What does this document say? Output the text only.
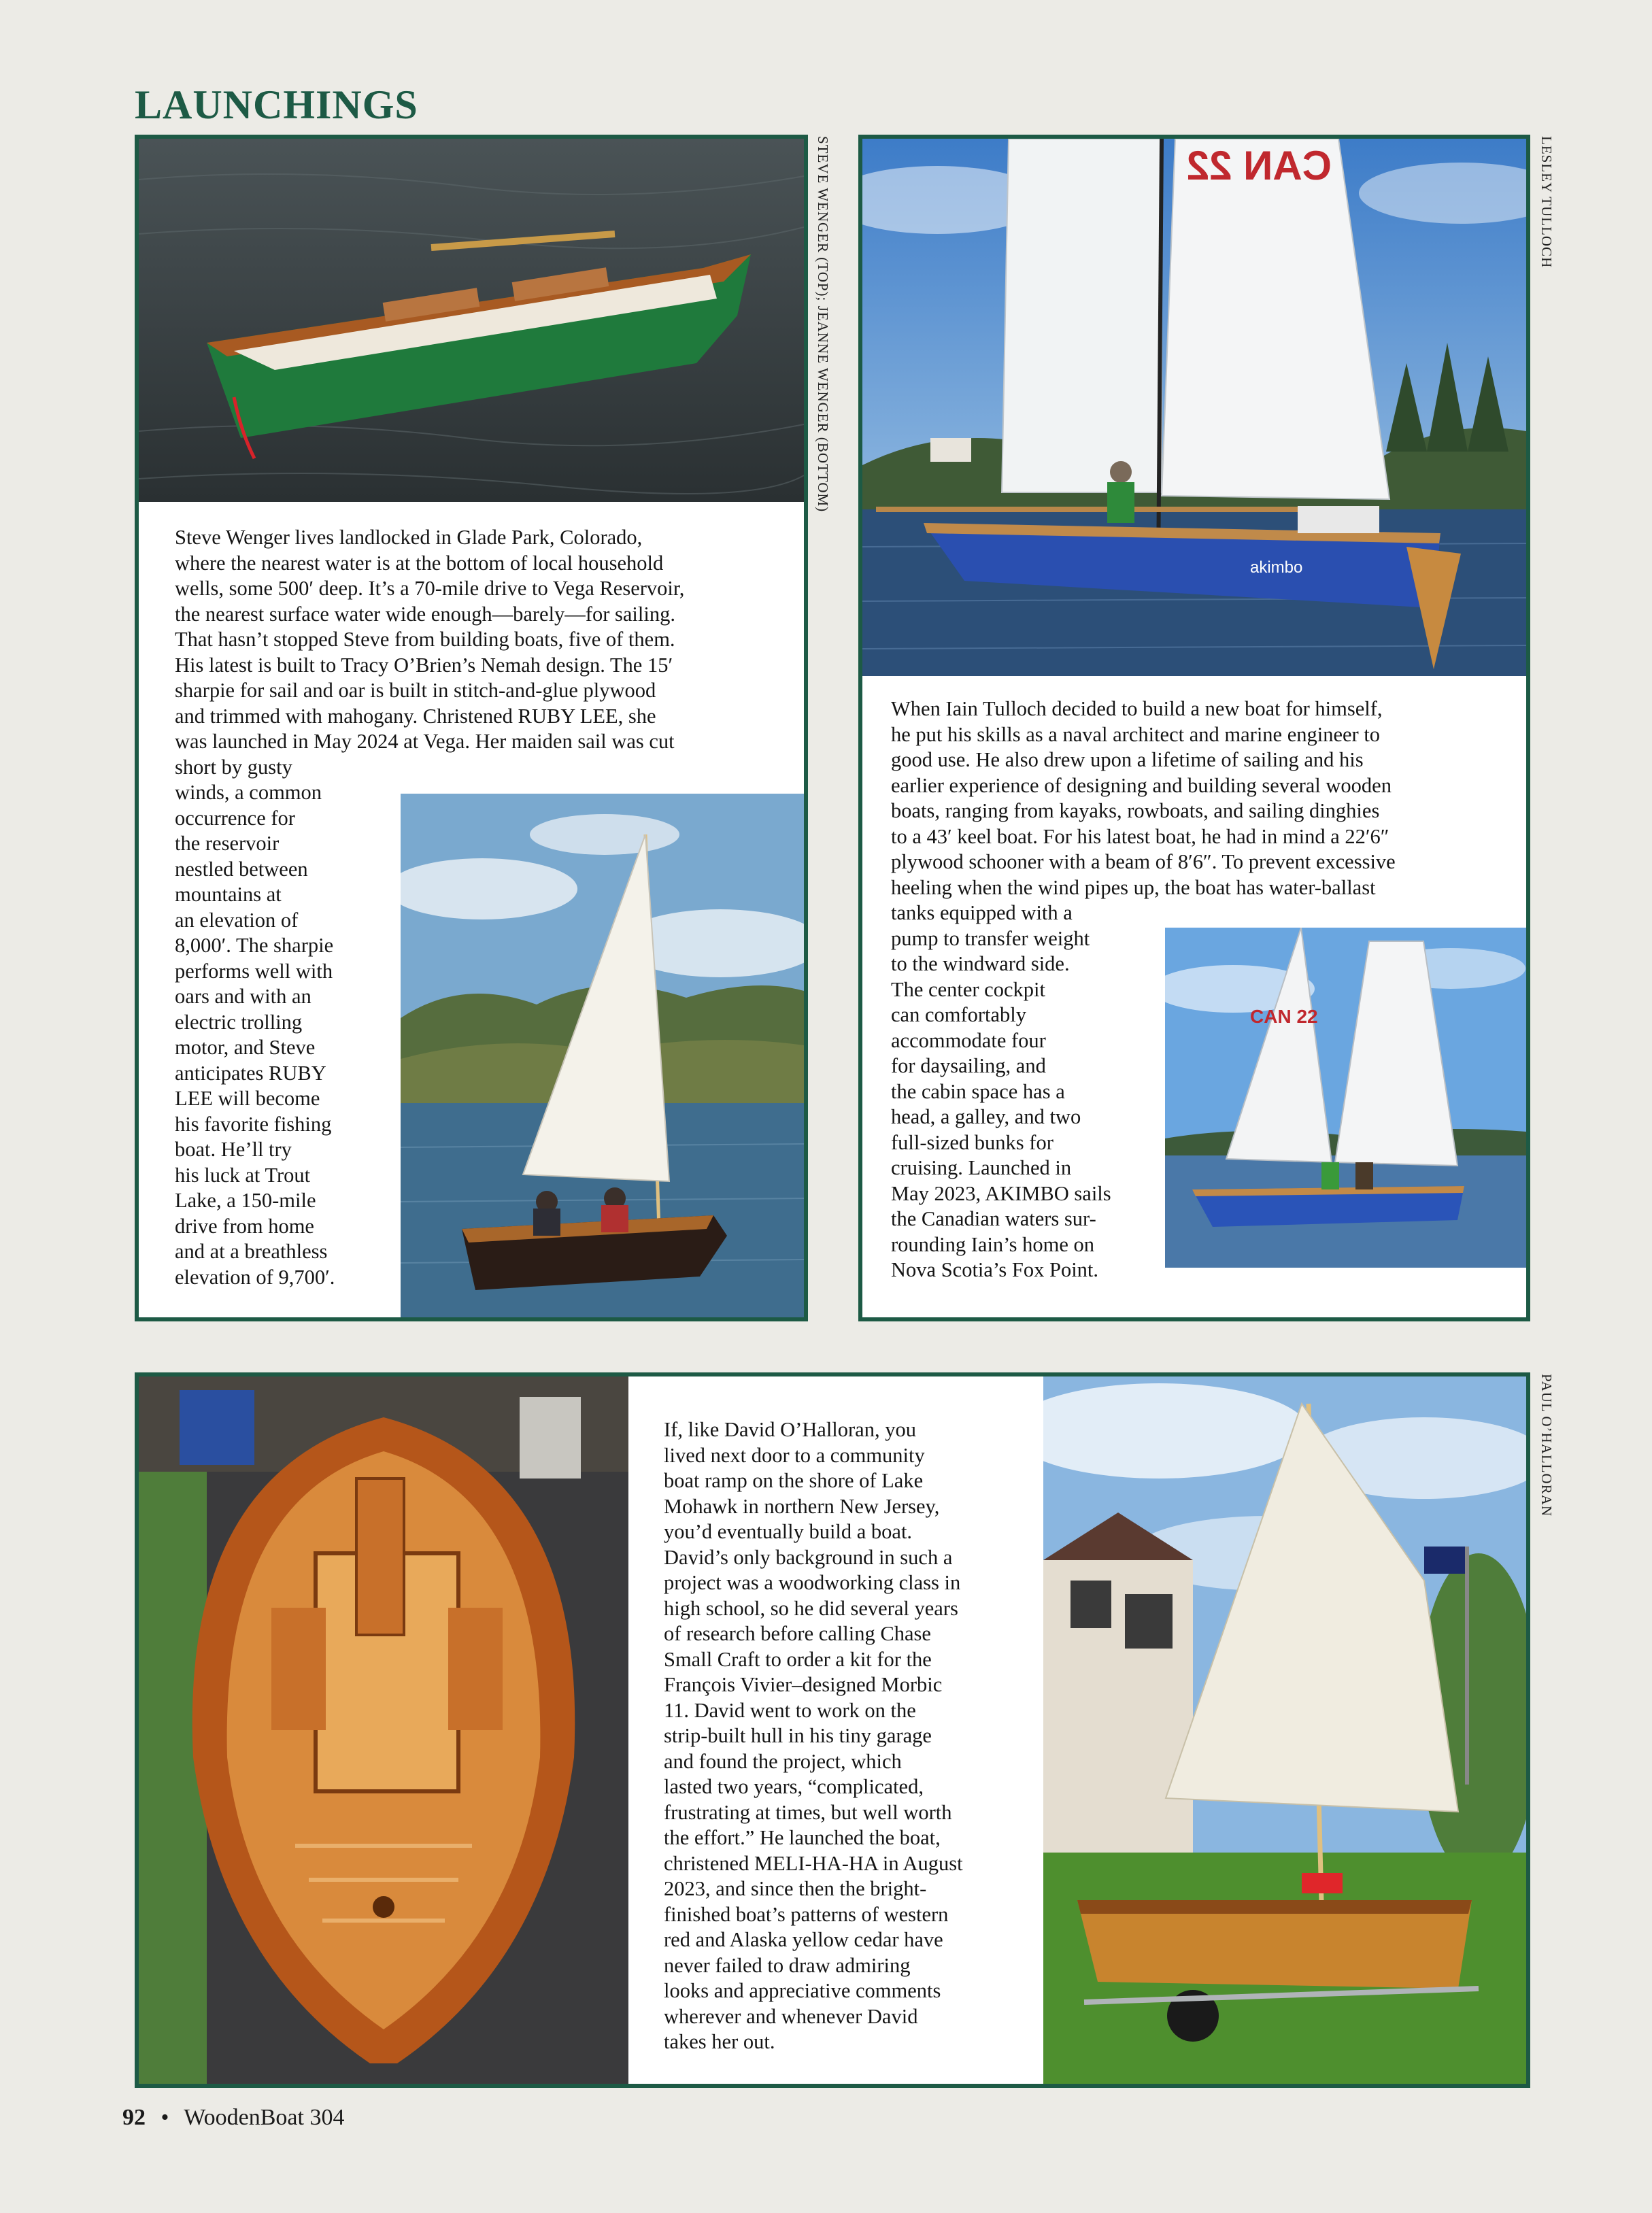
LAUNCHINGS

Steve Wenger lives landlocked in Glade Park, Colorado,
where the nearest water is at the bottom of local household
wells, some 500′ deep. It’s a 70-mile drive to Vega Reservoir,
the nearest surface water wide enough—barely—for sailing.
That hasn’t stopped Steve from building boats, five of them.
His latest is built to Tracy O’Brien’s Nemah design. The 15′
sharpie for sail and oar is built in stitch-and-glue plywood
and trimmed with mahogany. Christened RUBY LEE, she
was launched in May 2024 at Vega. Her maiden sail was cut
short by gusty

winds, a common
occurrence for
the reservoir
nestled between
mountains at
an elevation of
8,000′. The sharpie
performs well with
oars and with an
electric trolling
motor, and Steve
anticipates RUBY
LEE will become
his favorite fishing
boat. He’ll try
his luck at Trout
Lake, a 150-mile
drive from home
and at a breathless
elevation of 9,700′.

STEVE WENGER (TOP); JEANNE WENGER (BOTTOM)	CAN 22
akimbo

When Iain Tulloch decided to build a new boat for himself,
he put his skills as a naval architect and marine engineer to
good use. He also drew upon a lifetime of sailing and his
earlier experience of designing and building several wooden
boats, ranging from kayaks, rowboats, and sailing dinghies
to a 43′ keel boat. For his latest boat, he had in mind a 22′6″
plywood schooner with a beam of 8′6″. To prevent excessive
heeling when the wind pipes up, the boat has water-ballast

tanks equipped with a
pump to transfer weight
to the windward side.
The center cockpit
can comfortably
accommodate four
for daysailing, and
the cabin space has a
head, a galley, and two
full-sized bunks for
cruising. Launched in
May 2023, AKIMBO sails
the Canadian waters sur-
rounding Iain’s home on
Nova Scotia’s Fox Point.

CAN 22
LESLEY TULLOCH

If, like David O’Halloran, you
lived next door to a community
boat ramp on the shore of Lake
Mohawk in northern New Jersey,
you’d eventually build a boat.
David’s only background in such a
project was a woodworking class in
high school, so he did several years
of research before calling Chase
Small Craft to order a kit for the
François Vivier–designed Morbic
11. David went to work on the
strip-built hull in his tiny garage
and found the project, which
lasted two years, “complicated,
frustrating at times, but well worth
the effort.” He launched the boat,
christened MELI-HA-HA in August
2023, and since then the bright-
finished boat’s patterns of western
red and Alaska yellow cedar have
never failed to draw admiring
looks and appreciative comments
wherever and whenever David
takes her out.

PAUL O’HALLORAN
92 • WoodenBoat 304
